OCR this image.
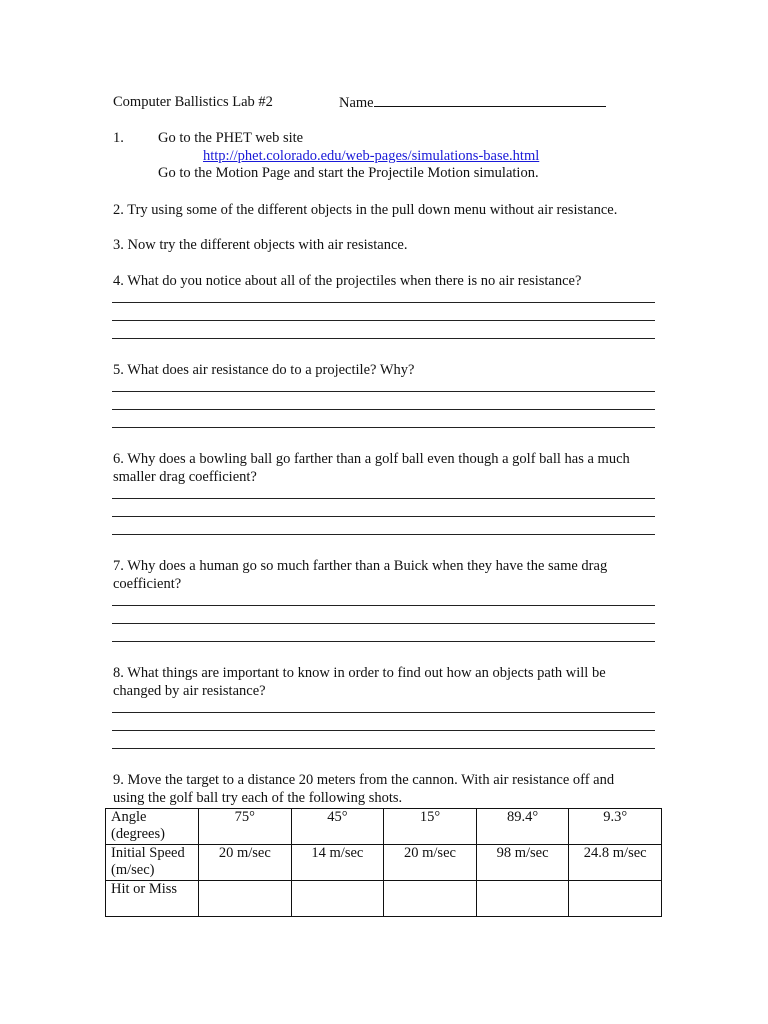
Computer Ballistics Lab #2	Name
1. Go to the PHET web site
http://phet.colorado.edu/web-pages/simulations-base.html
Go to the Motion Page and start the Projectile Motion simulation.
2. Try using some of the different objects in the pull down menu without air resistance.
3. Now try the different objects with air resistance.
4. What do you notice about all of the projectiles when there is no air resistance?
5. What does air resistance do to a projectile? Why?
6. Why does a bowling ball go farther than a golf ball even though a golf ball has a much
smaller drag coefficient?
7. Why does a human go so much farther than a Buick when they have the same drag
coefficient?
8. What things are important to know in order to find out how an objects path will be
changed by air resistance?
9. Move the target to a distance 20 meters from the cannon. With air resistance off and
using the golf ball try each of the following shots.
Angle
(degrees)	75°	45°	15°	89.4°	9.3°

Initial Speed
(m/sec)	20 m/sec	14 m/sec	20 m/sec	98 m/sec	24.8 m/sec

Hit or Miss					
